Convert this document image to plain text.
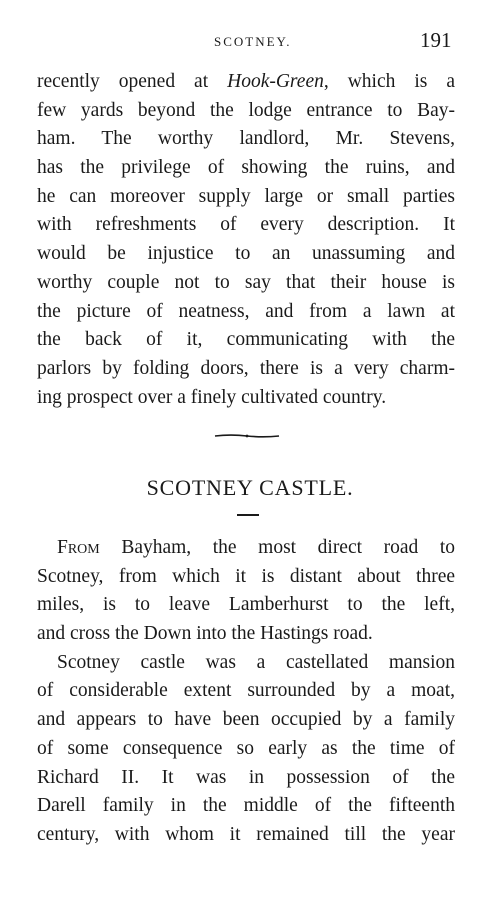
SCOTNEY.	191
recently opened at Hook-Green, which is a
few yards beyond the lodge entrance to Bay-
ham. The worthy landlord, Mr. Stevens,
has the privilege of showing the ruins, and
he can moreover supply large or small parties
with refreshments of every description. It
would be injustice to an unassuming and
worthy couple not to say that their house is
the picture of neatness, and from a lawn at
the back of it, communicating with the
parlors by folding doors, there is a very charm-
ing prospect over a finely cultivated country.
SCOTNEY CASTLE.
From Bayham, the most direct road to
Scotney, from which it is distant about three
miles, is to leave Lamberhurst to the left,
and cross the Down into the Hastings road.
Scotney castle was a castellated mansion
of considerable extent surrounded by a moat,
and appears to have been occupied by a family
of some consequence so early as the time of
Richard II. It was in possession of the
Darell family in the middle of the fifteenth
century, with whom it remained till the year
